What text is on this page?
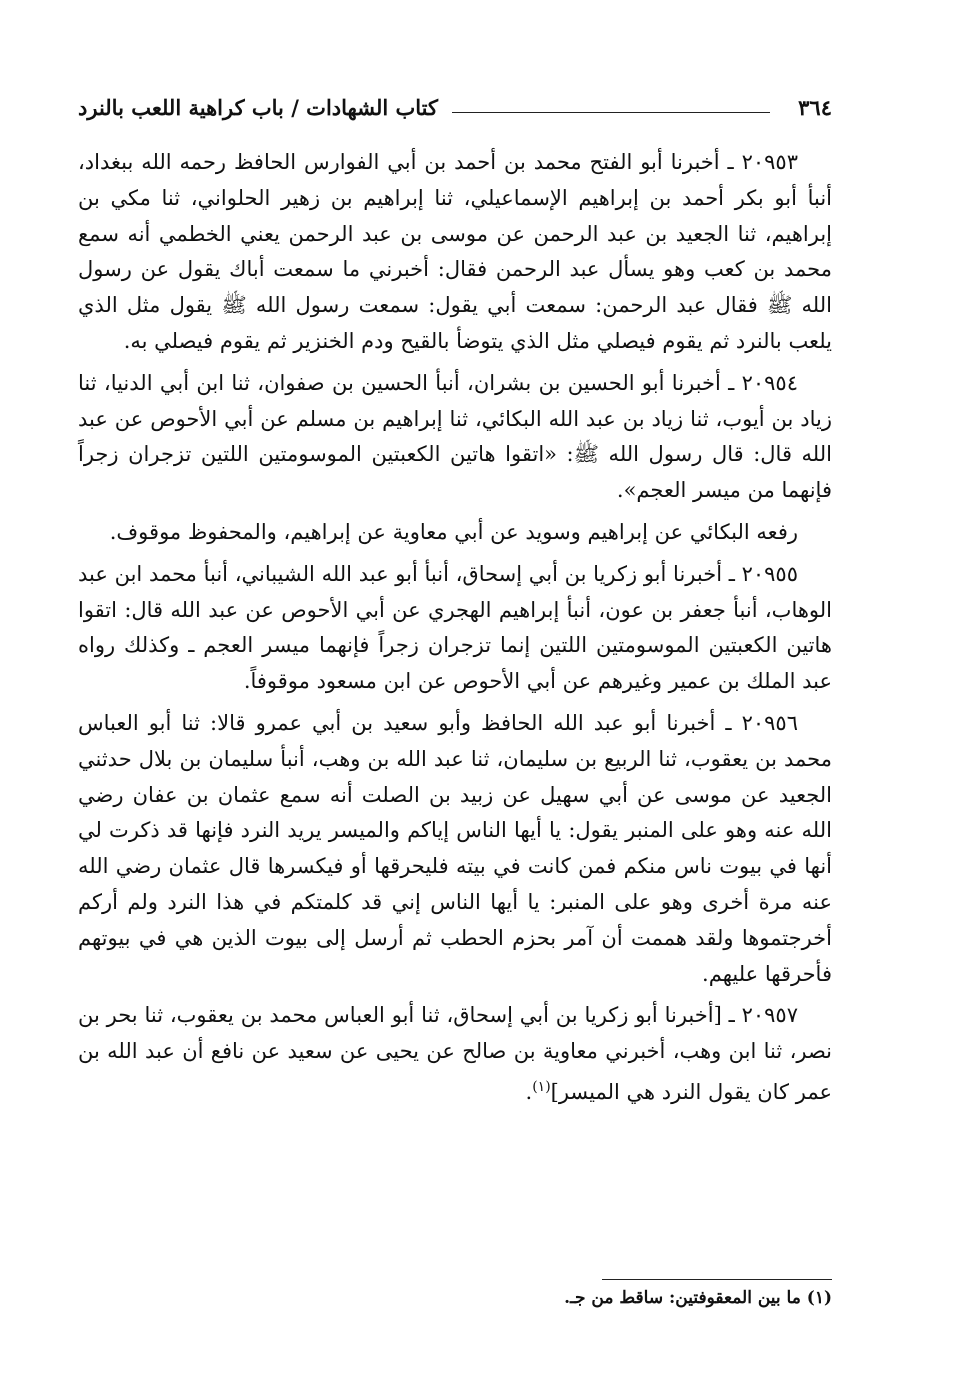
٣٦٤
كتاب الشهادات / باب كراهية اللعب بالنرد

٢٠٩٥٣ ـ أخبرنا أبو الفتح محمد بن أحمد بن أبي الفوارس الحافظ رحمه الله ببغداد، أنبأ أبو بكر أحمد بن إبراهيم الإسماعيلي، ثنا إبراهيم بن زهير الحلواني، ثنا مكي بن إبراهيم، ثنا الجعيد بن عبد الرحمن عن موسى بن عبد الرحمن يعني الخطمي أنه سمع محمد بن كعب وهو يسأل عبد الرحمن فقال: أخبرني ما سمعت أباك يقول عن رسول الله ﷺ فقال عبد الرحمن: سمعت أبي يقول: سمعت رسول الله ﷺ يقول مثل الذي يلعب بالنرد ثم يقوم فيصلي مثل الذي يتوضأ بالقيح ودم الخنزير ثم يقوم فيصلي به.

٢٠٩٥٤ ـ أخبرنا أبو الحسين بن بشران، أنبأ الحسين بن صفوان، ثنا ابن أبي الدنيا، ثنا زياد بن أيوب، ثنا زياد بن عبد الله البكائي، ثنا إبراهيم بن مسلم عن أبي الأحوص عن عبد الله قال: قال رسول الله ﷺ: «اتقوا هاتين الكعبتين الموسومتين اللتين تزجران زجراً فإنهما من ميسر العجم».

رفعه البكائي عن إبراهيم وسويد عن أبي معاوية عن إبراهيم، والمحفوظ موقوف.

٢٠٩٥٥ ـ أخبرنا أبو زكريا بن أبي إسحاق، أنبأ أبو عبد الله الشيباني، أنبأ محمد ابن عبد الوهاب، أنبأ جعفر بن عون، أنبأ إبراهيم الهجري عن أبي الأحوص عن عبد الله قال: اتقوا هاتين الكعبتين الموسومتين اللتين إنما تزجران زجراً فإنهما ميسر العجم ـ وكذلك رواه عبد الملك بن عمير وغيرهم عن أبي الأحوص عن ابن مسعود موقوفاً.

٢٠٩٥٦ ـ أخبرنا أبو عبد الله الحافظ وأبو سعيد بن أبي عمرو قالا: ثنا أبو العباس محمد بن يعقوب، ثنا الربيع بن سليمان، ثنا عبد الله بن وهب، أنبأ سليمان بن بلال حدثني الجعيد عن موسى عن أبي سهيل عن زبيد بن الصلت أنه سمع عثمان بن عفان رضي الله عنه وهو على المنبر يقول: يا أيها الناس إياكم والميسر يريد النرد فإنها قد ذكرت لي أنها في بيوت ناس منكم فمن كانت في بيته فليحرقها أو فيكسرها قال عثمان رضي الله عنه مرة أخرى وهو على المنبر: يا أيها الناس إني قد كلمتكم في هذا النرد ولم أركم أخرجتموها ولقد هممت أن آمر بحزم الحطب ثم أرسل إلى بيوت الذين هي في بيوتهم فأحرقها عليهم.

٢٠٩٥٧ ـ [أخبرنا أبو زكريا بن أبي إسحاق، ثنا أبو العباس محمد بن يعقوب، ثنا بحر بن نصر، ثنا ابن وهب، أخبرني معاوية بن صالح عن يحيى عن سعيد عن نافع أن عبد الله بن عمر كان يقول النرد هي الميسر]$^{(١)}$.

(١) ما بين المعقوفتين: ساقط من جـ.
